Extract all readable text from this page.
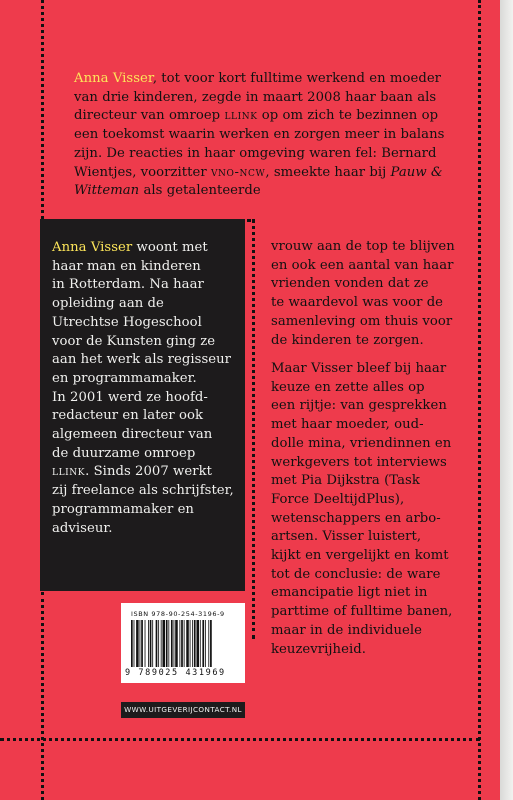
Anna Visser, tot voor kort fulltime werkend en moeder

van drie kinderen, zegde in maart 2008 haar baan als

directeur van omroep llink op om zich te bezinnen op

een toekomst waarin werken en zorgen meer in balans

zijn. De reacties in haar omgeving waren fel: Bernard

Wientjes, voorzitter vno-ncw, smeekte haar bij Pauw &

Witteman als getalenteerde

vrouw aan de top te blijven

en ook een aantal van haar

vrienden vonden dat ze

te waardevol was voor de

samenleving om thuis voor

de kinderen te zorgen.

Maar Visser bleef bij haar

keuze en zette alles op

een rijtje: van gesprekken

met haar moeder, oud-

dolle mina, vriendinnen en

werkgevers tot interviews

met Pia Dijkstra (Task

Force DeeltijdPlus),

wetenschappers en arbo-

artsen. Visser luistert,

kijkt en vergelijkt en komt

tot de conclusie: de ware

emancipatie ligt niet in

parttime of fulltime banen,

maar in de individuele

keuzevrijheid.

Anna Visser woont met

haar man en kinderen

in Rotterdam. Na haar

opleiding aan de

Utrechtse Hogeschool

voor de Kunsten ging ze

aan het werk als regisseur

en programmamaker.

In 2001 werd ze hoofd-

redacteur en later ook

algemeen directeur van

de duurzame omroep

llink. Sinds 2007 werkt

zij freelance als schrijfster,

programmamaker en

adviseur.

ISBN 978-90-254-3196-9
9 789025 431969
WWW.UITGEVERIJCONTACT.NL
